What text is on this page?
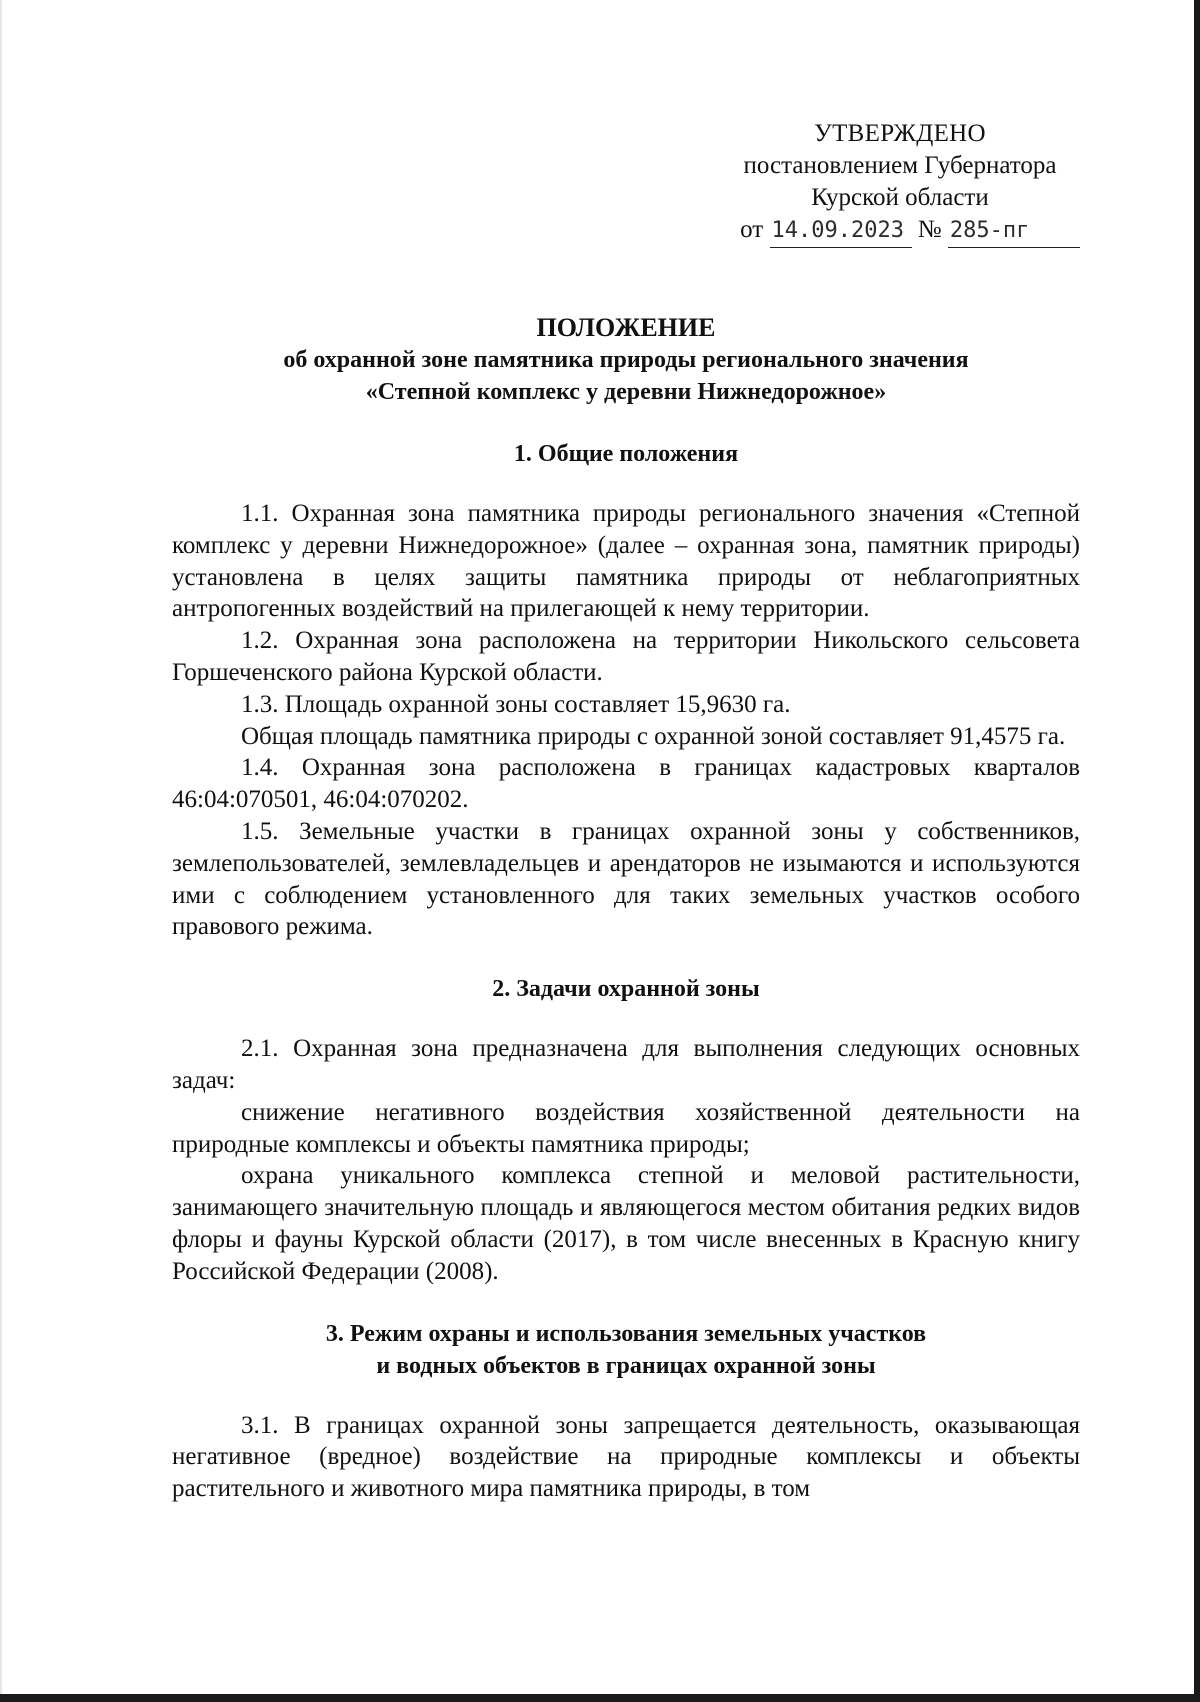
УТВЕРЖДЕНО
постановлением Губернатора
Курской области
от 14.09.2023 № 285-пг

ПОЛОЖЕНИЕ

об охранной зоне памятника природы регионального значения

«Степной комплекс у деревни Нижнедорожное»

1. Общие положения

1.1. Охранная зона памятника природы регионального значения «Степной комплекс у деревни Нижнедорожное» (далее – охранная зона, памятник природы) установлена в целях защиты памятника природы от неблагоприятных антропогенных воздействий на прилегающей к нему территории.

1.2. Охранная зона расположена на территории Никольского сельсовета Горшеченского района Курской области.

1.3. Площадь охранной зоны составляет 15,9630 га.

Общая площадь памятника природы с охранной зоной составляет 91,4575 га.

1.4. Охранная зона расположена в границах кадастровых кварталов 46:04:070501, 46:04:070202.

1.5. Земельные участки в границах охранной зоны у собственников, землепользователей, землевладельцев и арендаторов не изымаются и используются ими с соблюдением установленного для таких земельных участков особого правового режима.

2. Задачи охранной зоны

2.1. Охранная зона предназначена для выполнения следующих основных задач:

снижение негативного воздействия хозяйственной деятельности на природные комплексы и объекты памятника природы;

охрана уникального комплекса степной и меловой растительности, занимающего значительную площадь и являющегося местом обитания редких видов флоры и фауны Курской области (2017), в том числе внесенных в Красную книгу Российской Федерации (2008).

3. Режим охраны и использования земельных участков

и водных объектов в границах охранной зоны

3.1. В границах охранной зоны запрещается деятельность, оказывающая негативное (вредное) воздействие на природные комплексы и объекты растительного и животного мира памятника природы, в том
